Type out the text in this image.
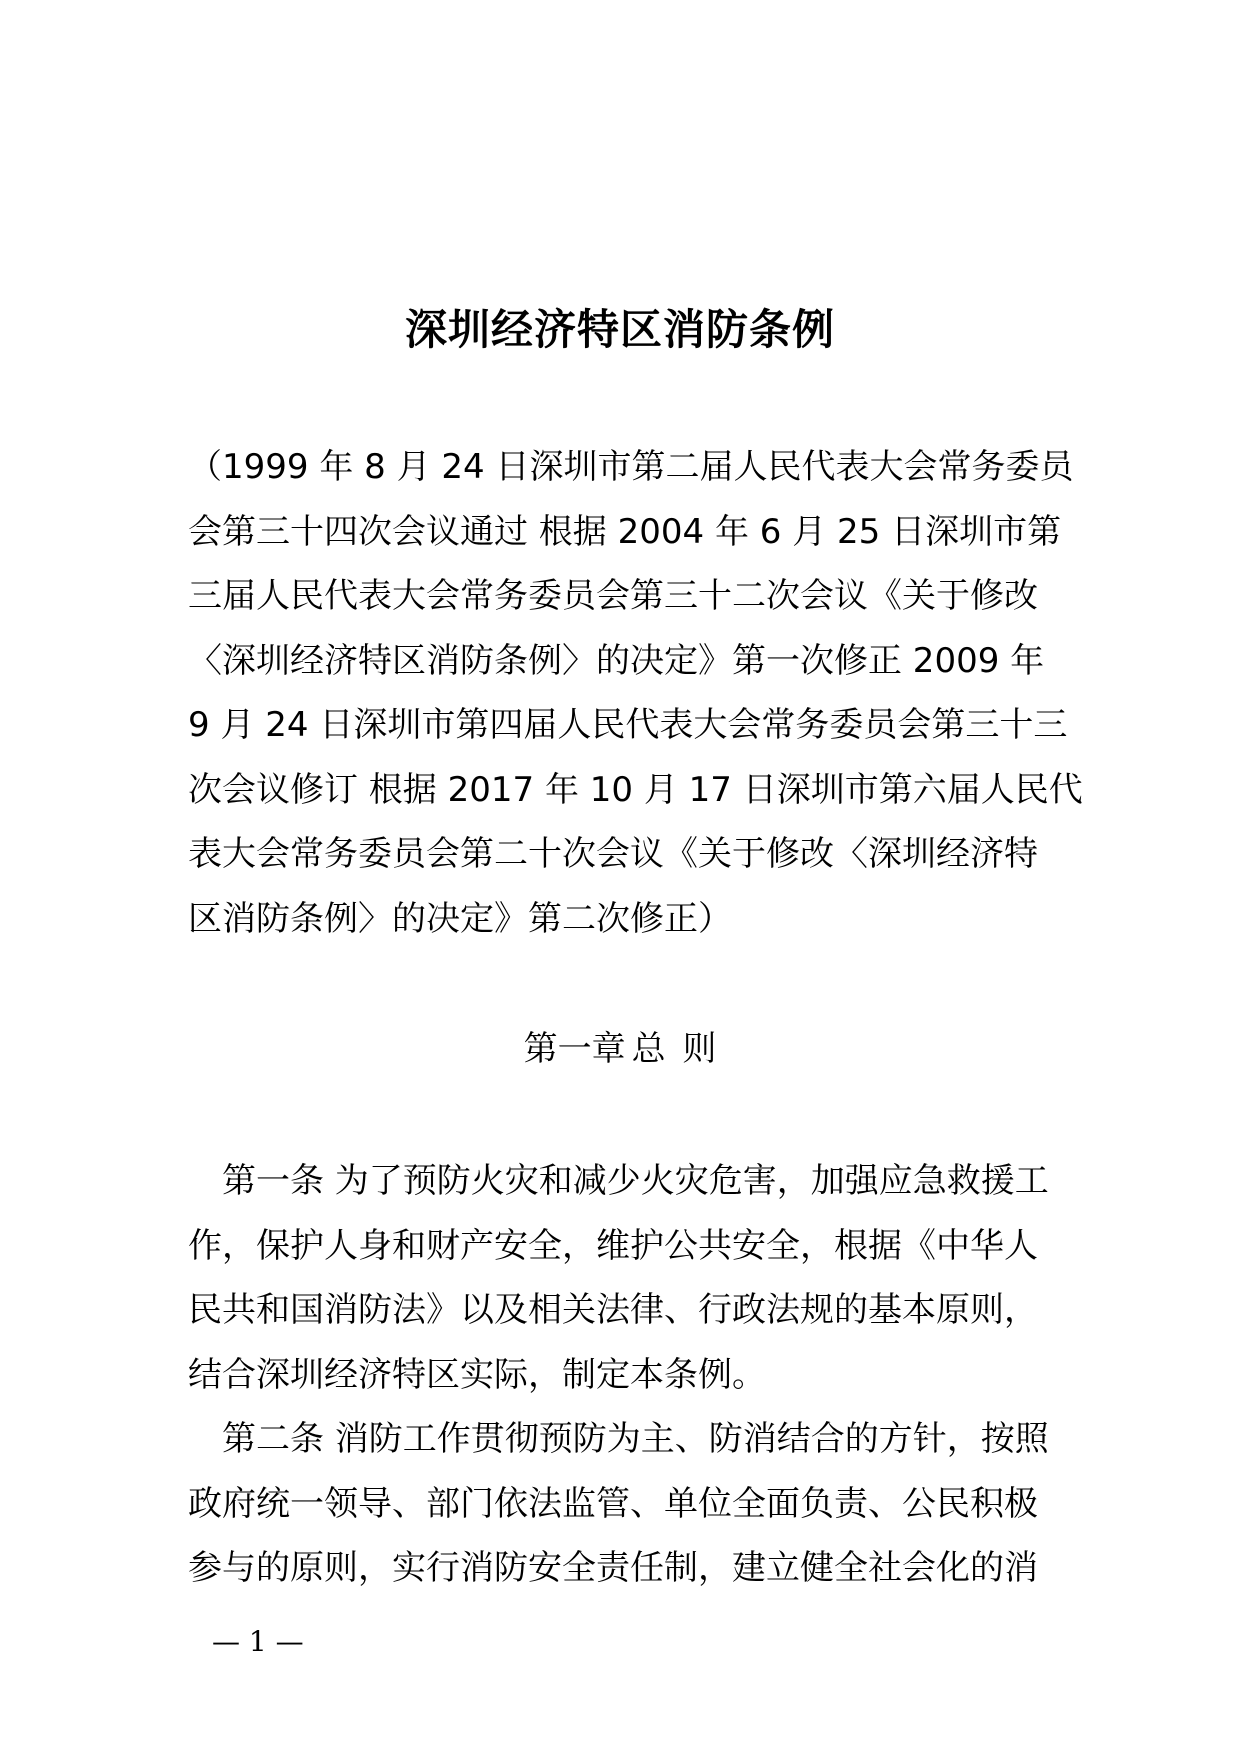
深圳经济特区消防条例
（1999 年 8 月 24 日深圳市第二届人民代表大会常务委员
会第三十四次会议通过 根据 2004 年 6 月 25 日深圳市第
三届人民代表大会常务委员会第三十二次会议《关于修改
〈深圳经济特区消防条例〉的决定》第一次修正 2009 年
9 月 24 日深圳市第四届人民代表大会常务委员会第三十三
次会议修订 根据 2017 年 10 月 17 日深圳市第六届人民代
表大会常务委员会第二十次会议《关于修改〈深圳经济特
区消防条例〉的决定》第二次修正）
第一章 总 则
　第一条 为了预防火灾和减少火灾危害，加强应急救援工
作，保护人身和财产安全，维护公共安全，根据《中华人
民共和国消防法》以及相关法律、行政法规的基本原则，
结合深圳经济特区实际，制定本条例。
　第二条 消防工作贯彻预防为主、防消结合的方针，按照
政府统一领导、部门依法监管、单位全面负责、公民积极
参与的原则，实行消防安全责任制，建立健全社会化的消
— 1 —
